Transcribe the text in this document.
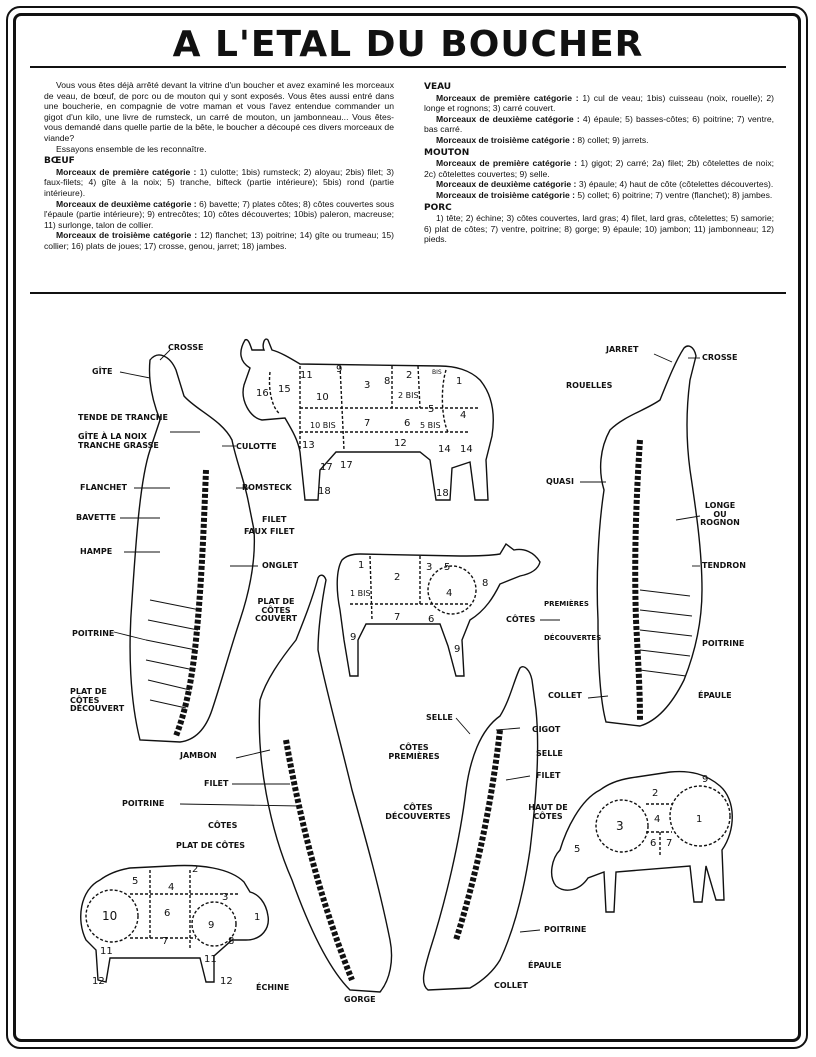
A L'ETAL DU BOUCHER

Vous vous êtes déjà arrêté devant la vitrine d'un boucher et avez examiné les morceaux de veau, de bœuf, de porc ou de mouton qui y sont exposés. Vous êtes aussi entré dans une boucherie, en compagnie de votre maman et vous l'avez entendue commander un gigot d'un kilo, une livre de rumsteck, un carré de mouton, un jambonneau... Vous êtes-vous demandé dans quelle partie de la bête, le boucher a découpé ces divers morceaux de viande?

Essayons ensemble de les reconnaître.

BŒUF

Morceaux de première catégorie : 1) culotte; 1bis) rumsteck; 2) aloyau; 2bis) filet; 3) faux-filets; 4) gîte à la noix; 5) tranche, bifteck (partie intérieure); 5bis) rond (partie intérieure).

Morceaux de deuxième catégorie : 6) bavette; 7) plates côtes; 8) côtes couvertes sous l'épaule (partie intérieure); 9) entrecôtes; 10) côtes découvertes; 10bis) paleron, macreuse; 11) surlonge, talon de collier.

Morceaux de troisième catégorie : 12) flanchet; 13) poitrine; 14) gîte ou trumeau; 15) collier; 16) plats de joues; 17) crosse, genou, jarret; 18) jambes.

VEAU

Morceaux de première catégorie : 1) cul de veau; 1bis) cuisseau (noix, rouelle); 2) longe et rognons; 3) carré couvert.

Morceaux de deuxième catégorie : 4) épaule; 5) basses-côtes; 6) poitrine; 7) ventre, bas carré.

Morceaux de troisième catégorie : 8) collet; 9) jarrets.

MOUTON

Morceaux de première catégorie : 1) gigot; 2) carré; 2a) filet; 2b) côtelettes de noix; 2c) côtelettes couvertes; 9) selle.

Morceaux de deuxième catégorie : 3) épaule; 4) haut de côte (côtelettes découvertes).

Morceaux de troisième catégorie : 5) collet; 6) poitrine; 7) ventre (flanchet); 8) jambes.

PORC

1) tête; 2) échine; 3) côtes couvertes, lard gras; 4) filet, lard gras, côtelettes; 5) samorie; 6) plat de côtes; 7) ventre, poitrine; 8) gorge; 9) épaule; 10) jambon; 11) jambonneau; 12) pieds.

11
9
3
2
1
8
BIS
16 15
10	2 BIS
5
4
10 BIS	7	6 5 BIS
13	12
14 14
17 17
18	18
1
2
3 5
8
4
1 BIS
7	6
9
9
2
5
4
3
10	6
9
7	8
1
11
11
12	12
9
2
3	4	1
5
6 7
CROSSE
GÎTE
TENDE DE TRANCHE
GÎTE À LA NOIX
TRANCHE GRASSE	CULOTTE
FLANCHET	ROMSTECK
BAVETTE	FILET
FAUX FILET
HAMPE
ONGLET
PLAT DE CÔTES COUVERT
POITRINE
PLAT DE CÔTES DÉCOUVERT
JARRET
CROSSE
ROUELLES
QUASI
LONGE OU ROGNON
TENDRON
CÔTES
PREMIÈRES
DÉCOUVERTES
POITRINE
COLLET	ÉPAULE
JAMBON
FILET
POITRINE
CÔTES
PLAT DE CÔTES
ÉCHINE
GORGE
SELLE
GIGOT
CÔTES PREMIÈRES	SELLE
FILET
CÔTES DÉCOUVERTES
HAUT DE CÔTES
POITRINE
ÉPAULE
COLLET
